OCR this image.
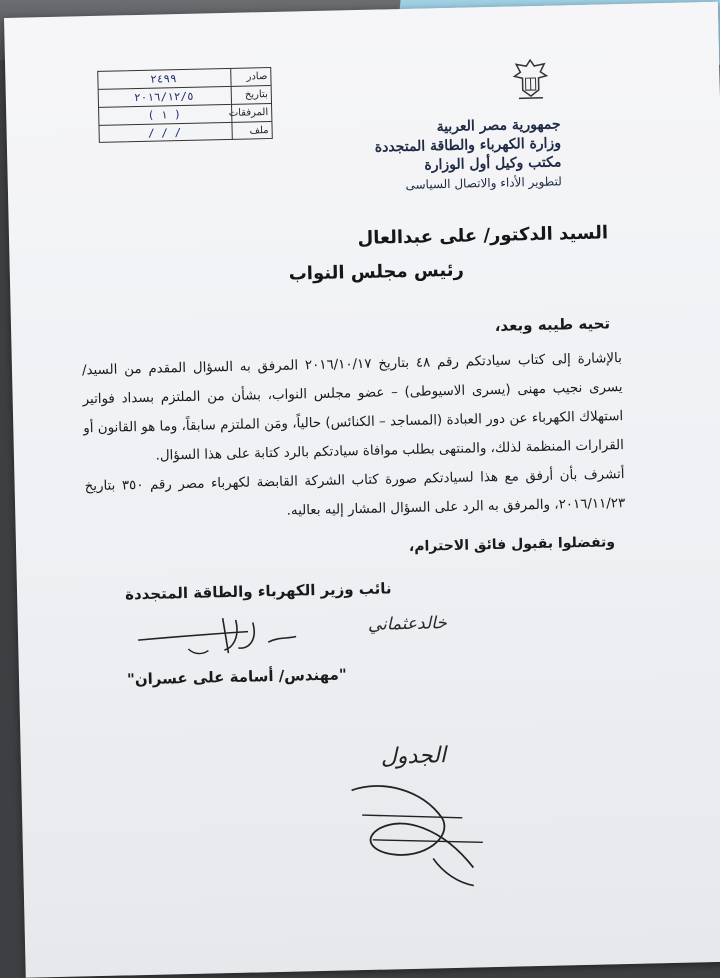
جمهورية مصر العربية
وزارة الكهرباء والطاقة المتجددة
مكتب وكيل أول الوزارة
لتطوير الأداء والاتصال السياسى
صادر
٢٤٩٩
بتاريخ
٢٠١٦/١٢/٥
المرفقات
( ١ )
ملف
/ / /
السيد الدكتور/ على عبدالعال
رئيس مجلس النواب
تحيه طيبه وبعد،

بالإشارة إلى كتاب سيادتكم رقم ٤٨ بتاريخ ٢٠١٦/١٠/١٧ المرفق به السؤال المقدم من السيد/ يسرى نجيب مهنى (يسرى الاسيوطى) – عضو مجلس النواب، بشأن من الملتزم بسداد فواتير استهلاك الكهرباء عن دور العبادة (المساجد – الكنائس) حالياً، ومَن الملتزم سابقاً، وما هو القانون أو القرارات المنظمة لذلك، والمنتهى بطلب موافاة سيادتكم بالرد كتابة على هذا السؤال.

أتشرف بأن أرفق مع هذا لسيادتكم صورة كتاب الشركة القابضة لكهرباء مصر رقم ٣٥٠ بتاريخ ٢٠١٦/١١/٢٣، والمرفق به الرد على السؤال المشار إليه بعاليه.

وتفضلوا بقبول فائق الاحترام،
نائب وزير الكهرباء والطاقة المتجددة
"مهندس/ أسامة على عسران"
خالدعثماني
الجدول
